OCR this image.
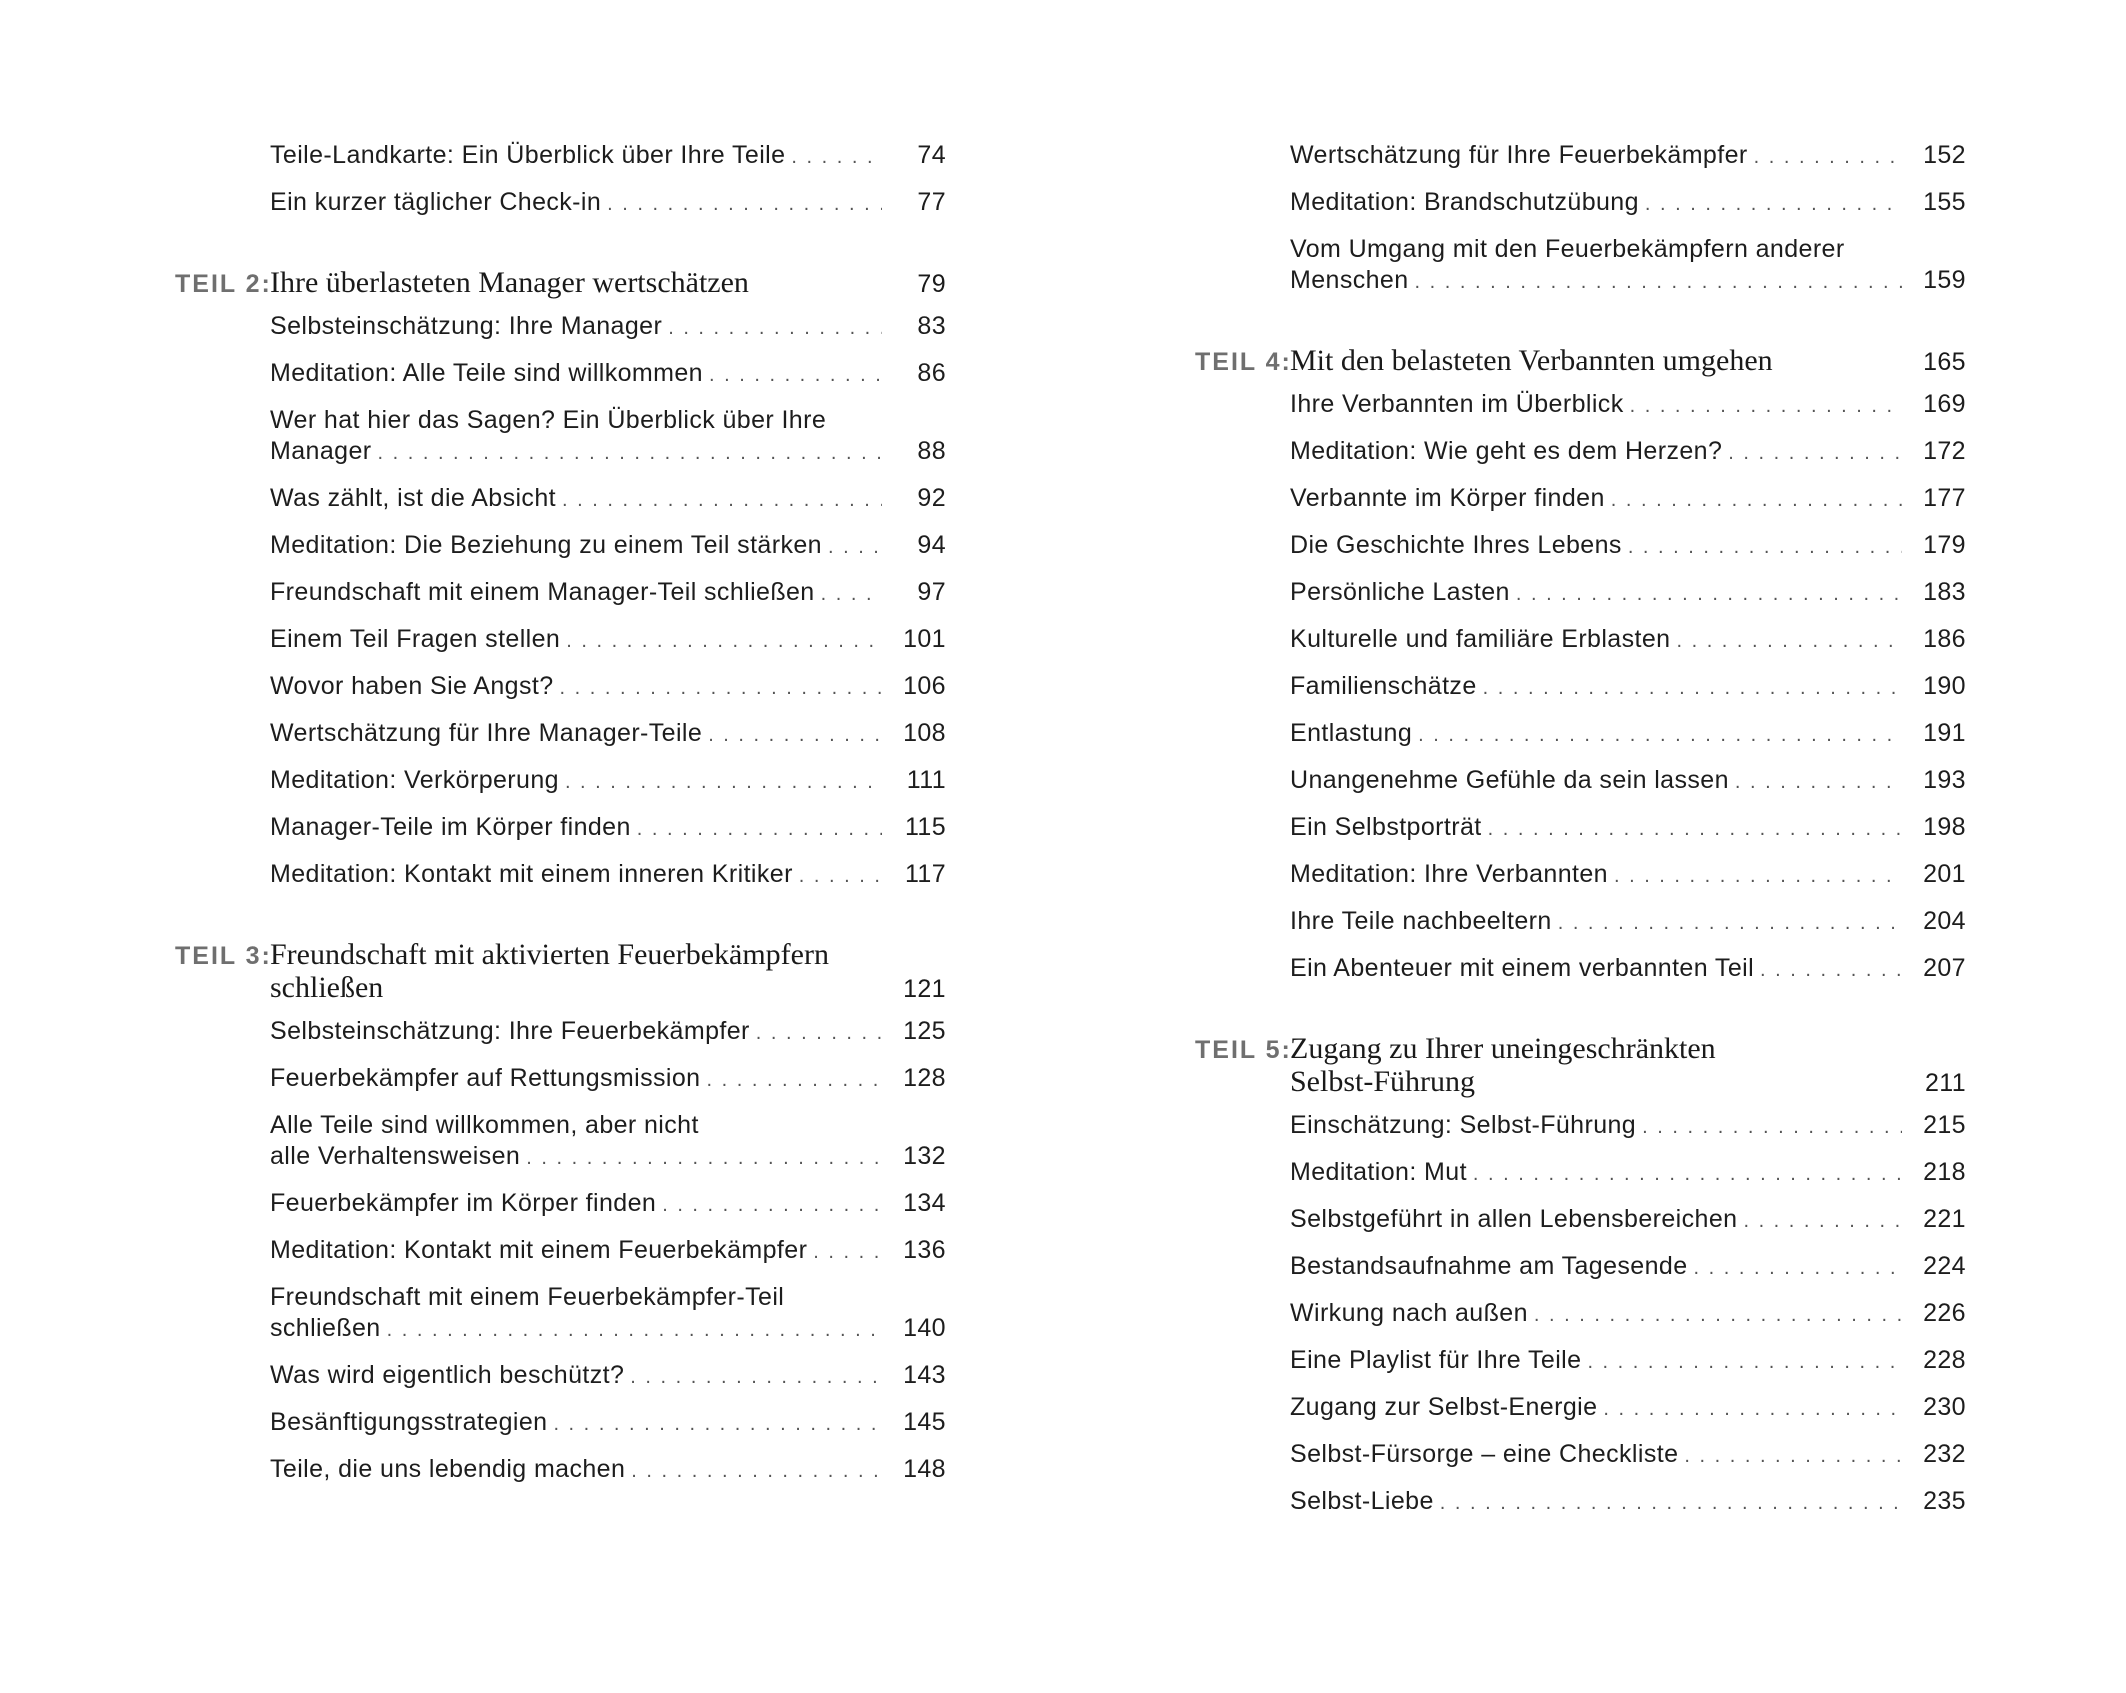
Teile-Landkarte: Ein Überblick über Ihre Teile . . .	74
Ein kurzer täglicher Check-in . . .	77
TEIL 2:
Ihre überlasteten Manager wertschätzen	79
Selbsteinschätzung: Ihre Manager . . .	83
Meditation: Alle Teile sind willkommen . . .	86
Wer hat hier das Sagen? Ein Überblick über Ihre
Manager . . .	88
Was zählt, ist die Absicht . . .	92
Meditation: Die Beziehung zu einem Teil stärken . . .	94
Freundschaft mit einem Manager-Teil schließen . . .	97
Einem Teil Fragen stellen . . .	101
Wovor haben Sie Angst? . . .	106
Wertschätzung für Ihre Manager-Teile . . .	108
Meditation: Verkörperung . . .	111
Manager-Teile im Körper finden . . .	115
Meditation: Kontakt mit einem inneren Kritiker . . .	117
TEIL 3:
Freundschaft mit aktivierten Feuerbekämpfern
schließen	121
Selbsteinschätzung: Ihre Feuerbekämpfer . . .	125
Feuerbekämpfer auf Rettungsmission . . .	128
Alle Teile sind willkommen, aber nicht
alle Verhaltensweisen . . .	132
Feuerbekämpfer im Körper finden . . .	134
Meditation: Kontakt mit einem Feuerbekämpfer . . .	136
Freundschaft mit einem Feuerbekämpfer-Teil
schließen . . .	140
Was wird eigentlich beschützt? . . .	143
Besänftigungsstrategien . . .	145
Teile, die uns lebendig machen . . .	148
Wertschätzung für Ihre Feuerbekämpfer . . .	152
Meditation: Brandschutzübung . . .	155
Vom Umgang mit den Feuerbekämpfern anderer
Menschen . . .	159
TEIL 4:
Mit den belasteten Verbannten umgehen	165
Ihre Verbannten im Überblick . . .	169
Meditation: Wie geht es dem Herzen? . . .	172
Verbannte im Körper finden . . .	177
Die Geschichte Ihres Lebens . . .	179
Persönliche Lasten . . .	183
Kulturelle und familiäre Erblasten . . .	186
Familienschätze . . .	190
Entlastung . . .	191
Unangenehme Gefühle da sein lassen . . .	193
Ein Selbstporträt . . .	198
Meditation: Ihre Verbannten . . .	201
Ihre Teile nachbeeltern . . .	204
Ein Abenteuer mit einem verbannten Teil . . .	207
TEIL 5:
Zugang zu Ihrer uneingeschränkten
Selbst-Führung	211
Einschätzung: Selbst-Führung . . .	215
Meditation: Mut . . .	218
Selbstgeführt in allen Lebensbereichen . . .	221
Bestandsaufnahme am Tagesende . . .	224
Wirkung nach außen . . .	226
Eine Playlist für Ihre Teile . . .	228
Zugang zur Selbst-Energie . . .	230
Selbst-Fürsorge – eine Checkliste . . .	232
Selbst-Liebe . . .	235
